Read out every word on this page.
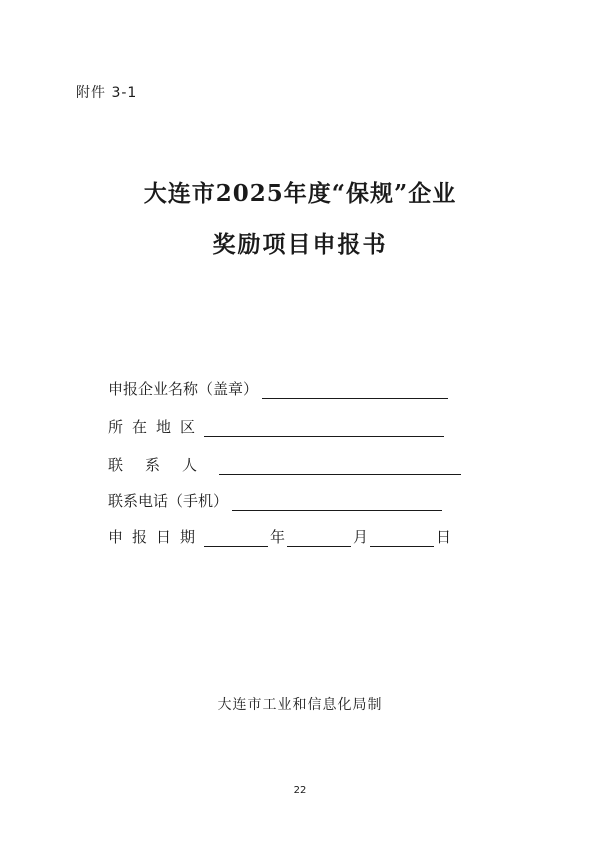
附件 3-1
大连市2025年度“保规”企业
奖励项目申报书
申报企业名称（盖章）
所在地区
联系人
联系电话（手机）
申报日期	年	月	日
大连市工业和信息化局制
22
